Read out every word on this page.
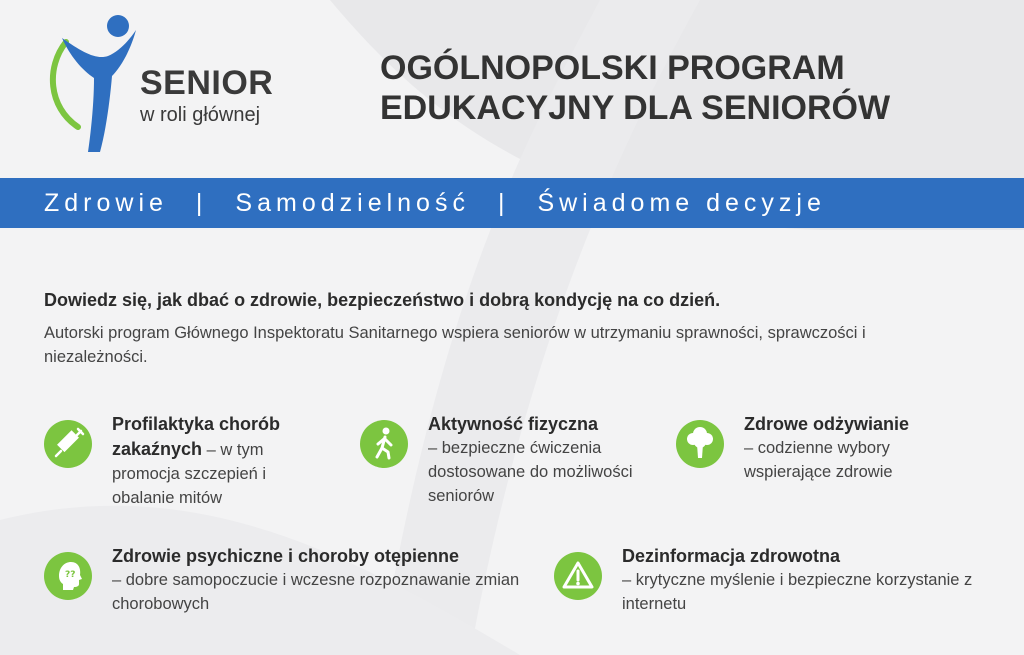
SENIOR
w roli głównej
OGÓLNOPOLSKI PROGRAM
EDUKACYJNY DLA SENIORÓW
Zdrowie | Samodzielność | Świadome decyzje
Dowiedz się, jak dbać o zdrowie, bezpieczeństwo i dobrą kondycję na co dzień.
Autorski program Głównego Inspektoratu Sanitarnego wspiera seniorów w utrzymaniu sprawności, sprawczości i niezależności.
Profilaktyka chorób zakaźnych – w tym promocja szczepień i obalanie mitów
Aktywność fizyczna
– bezpieczne ćwiczenia dostosowane do możliwości seniorów
Zdrowe odżywianie
– codzienne wybory wspierające zdrowie
??
Zdrowie psychiczne i choroby otępienne
– dobre samopoczucie i wczesne rozpoznawanie zmian chorobowych
Dezinformacja zdrowotna
– krytyczne myślenie i bezpieczne korzystanie z internetu
